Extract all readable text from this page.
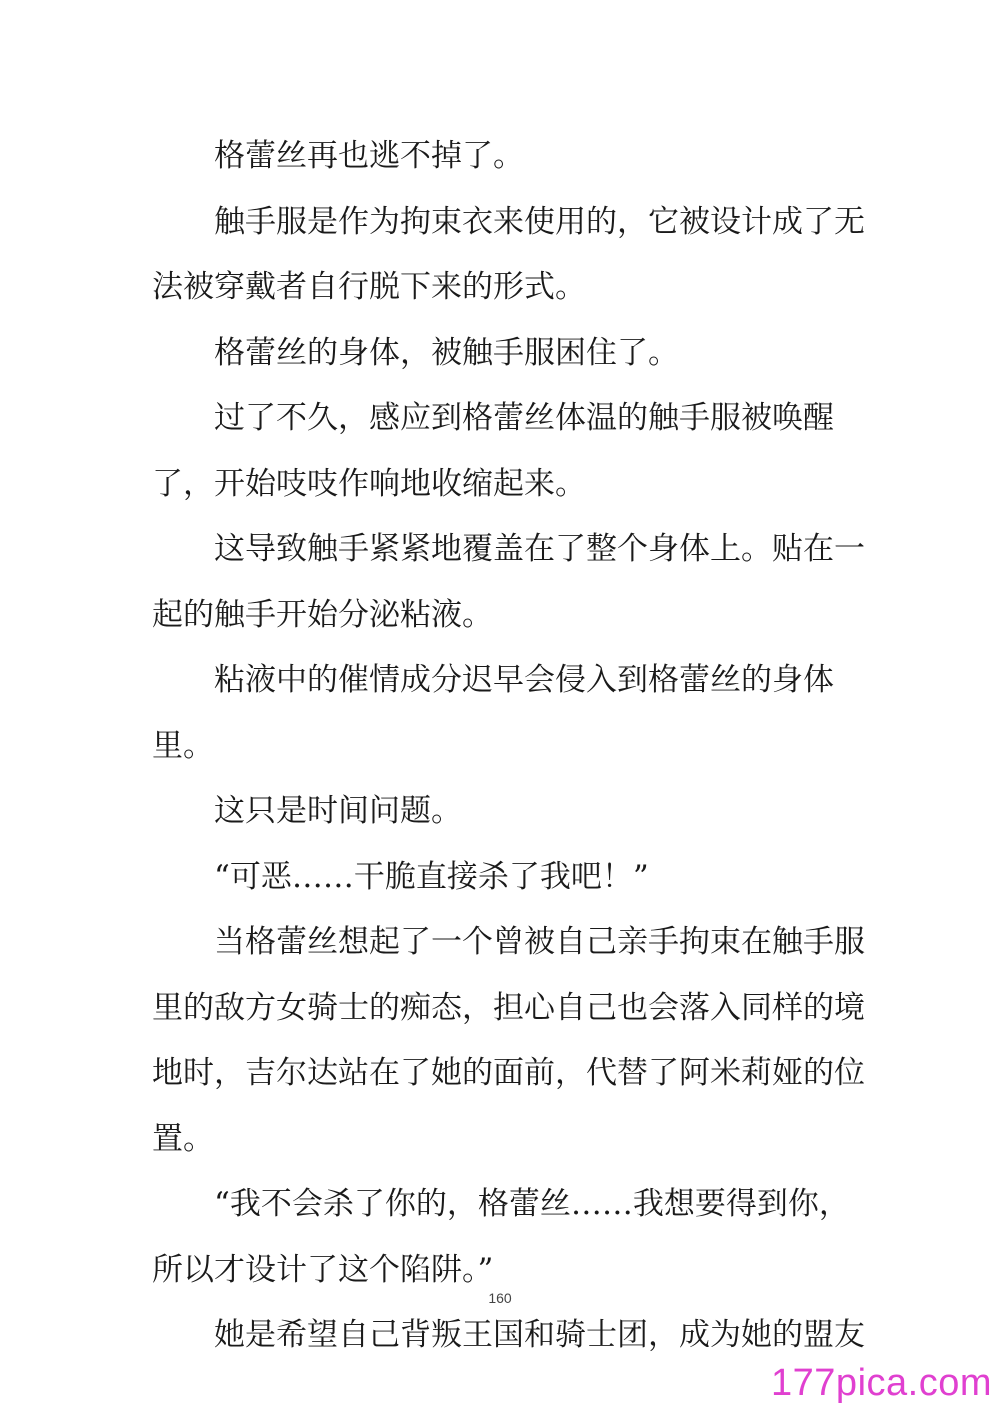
格蕾丝再也逃不掉了。

触手服是作为拘束衣来使用的，它被设计成了无法被穿戴者自行脱下来的形式。

格蕾丝的身体，被触手服困住了。

过了不久，感应到格蕾丝体温的触手服被唤醒了，开始吱吱作响地收缩起来。

这导致触手紧紧地覆盖在了整个身体上。贴在一起的触手开始分泌粘液。

粘液中的催情成分迟早会侵入到格蕾丝的身体里。

这只是时间问题。

“可恶……干脆直接杀了我吧！”

当格蕾丝想起了一个曾被自己亲手拘束在触手服里的敌方女骑士的痴态，担心自己也会落入同样的境地时，吉尔达站在了她的面前，代替了阿米莉娅的位置。

“我不会杀了你的，格蕾丝……我想要得到你，所以才设计了这个陷阱。”

她是希望自己背叛王国和骑士团，成为她的盟友

160
177pica.com
